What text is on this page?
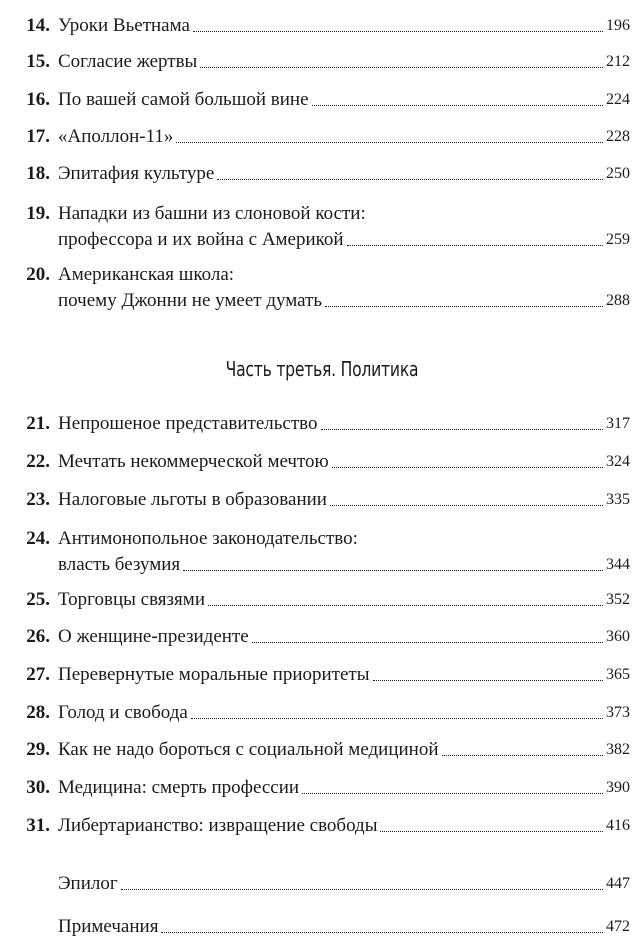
14. Уроки Вьетнама	196
15. Согласие жертвы	212
16. По вашей самой большой вине	224
17. «Аполлон-11»	228
18. Эпитафия культуре	250
19. Нападки из башни из слоновой кости:
профессора и их война с Америкой	259
20. Американская школа:
почему Джонни не умеет думать	288
21. Непрошеное представительство	317
22. Мечтать некоммерческой мечтою	324
23. Налоговые льготы в образовании	335
24. Антимонопольное законодательство:
власть безумия	344
25. Торговцы связями	352
26. О женщине-президенте	360
27. Перевернутые моральные приоритеты	365
28. Голод и свобода	373
29. Как не надо бороться с социальной медициной	382
30. Медицина: смерть профессии	390
31. Либертарианство: извращение свободы	416
Эпилог	447
Примечания	472
Часть третья. Политика
